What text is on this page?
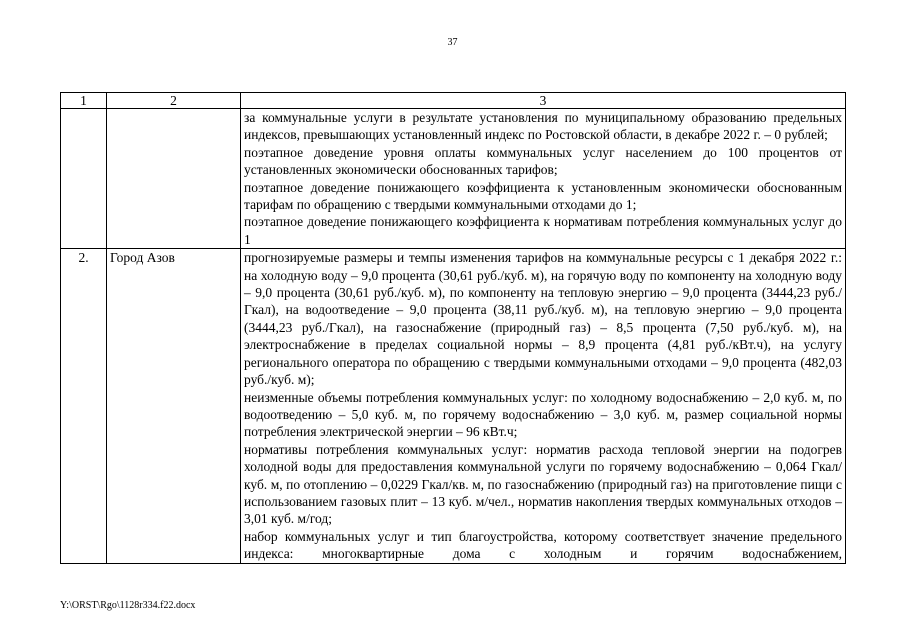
37
1	2	3

		за коммунальные услуги в результате установления по муниципальному образованию предельных индексов, превышающих установленный индекс по Ростовской области, в декабре 2022 г. – 0 рублей;
поэтапное доведение уровня оплаты коммунальных услуг населением до 100 процентов от установленных экономически обоснованных тарифов;
поэтапное доведение понижающего коэффициента к установленным экономически обоснованным тарифам по обращению с твердыми коммунальными отходами до 1;
поэтапное доведение понижающего коэффициента к нормативам потребления коммунальных услуг до 1

2.	Город Азов	прогнозируемые размеры и темпы изменения тарифов на коммунальные ресурсы с 1 декабря 2022 г.: на холодную воду – 9,0 процента (30,61 руб./куб. м), на горячую воду по компоненту на холодную воду – 9,0 процента (30,61 руб./куб. м), по компоненту на тепловую энергию – 9,0 процента (3444,23 руб./Гкал), на водоотведение – 9,0 процента (38,11 руб./куб. м), на тепловую энергию – 9,0 процента (3444,23 руб./Гкал), на газоснабжение (природный газ) – 8,5 процента (7,50 руб./куб. м), на электроснабжение в пределах социальной нормы – 8,9 процента (4,81 руб./кВт.ч), на услугу регионального оператора по обращению с твердыми коммунальными отходами – 9,0 процента (482,03 руб./куб. м);
неизменные объемы потребления коммунальных услуг: по холодному водоснабжению – 2,0 куб. м, по водоотведению – 5,0 куб. м, по горячему водоснабжению – 3,0 куб. м, размер социальной нормы потребления электрической энергии – 96 кВт.ч;
нормативы потребления коммунальных услуг: норматив расхода тепловой энергии на подогрев холодной воды для предоставления коммунальной услуги по горячему водоснабжению – 0,064 Гкал/куб. м, по отоплению – 0,0229 Гкал/кв. м, по газоснабжению (природный газ) на приготовление пищи с использованием газовых плит – 13 куб. м/чел., норматив накопления твердых коммунальных отходов – 3,01 куб. м/год;
набор коммунальных услуг и тип благоустройства, которому соответствует значение предельного индекса: многоквартирные дома с холодным и горячим водоснабжением,
Y:\ORST\Rgo\1128r334.f22.docx
